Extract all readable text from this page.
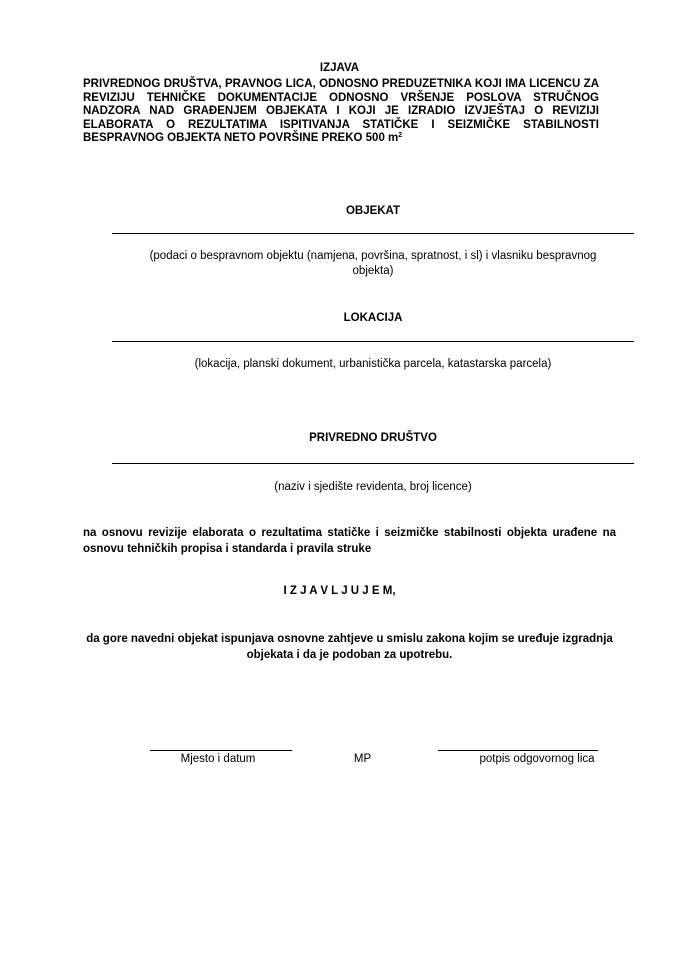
IZJAVA
PRIVREDNOG DRUŠTVA, PRAVNOG LICA, ODNOSNO PREDUZETNIKA KOJI IMA LICENCU ZA REVIZIJU TEHNIČKE DOKUMENTACIJE ODNOSNO VRŠENJE POSLOVA STRUČNOG NADZORA NAD GRAĐENJEM OBJEKATA I KOJI JE IZRADIO IZVJEŠTAJ O REVIZIJI ELABORATA O REZULTATIMA ISPITIVANJA STATIČKE I SEIZMIČKE STABILNOSTI BESPRAVNOG OBJEKTA NETO POVRŠINE PREKO 500 $m^2$
OBJEKAT
(podaci o bespravnom objektu (namjena, površina, spratnost, i sl) i vlasniku bespravnog objekta)
LOKACIJA
(lokacija, planski dokument, urbanistička parcela, katastarska parcela)
PRIVREDNO DRUŠTVO
(naziv i sjedište revidenta, broj licence)
na osnovu revizije elaborata o rezultatima statičke i seizmičke stabilnosti objekta urađene na osnovu tehničkih propisa i standarda i pravila struke
I Z J A V L J U J E M,
da gore navedni objekat ispunjava osnovne zahtjeve u smislu zakona kojim se uređuje izgradnja objekata i da je podoban za upotrebu.
Mjesto i datum	MP	potpis odgovornog lica
